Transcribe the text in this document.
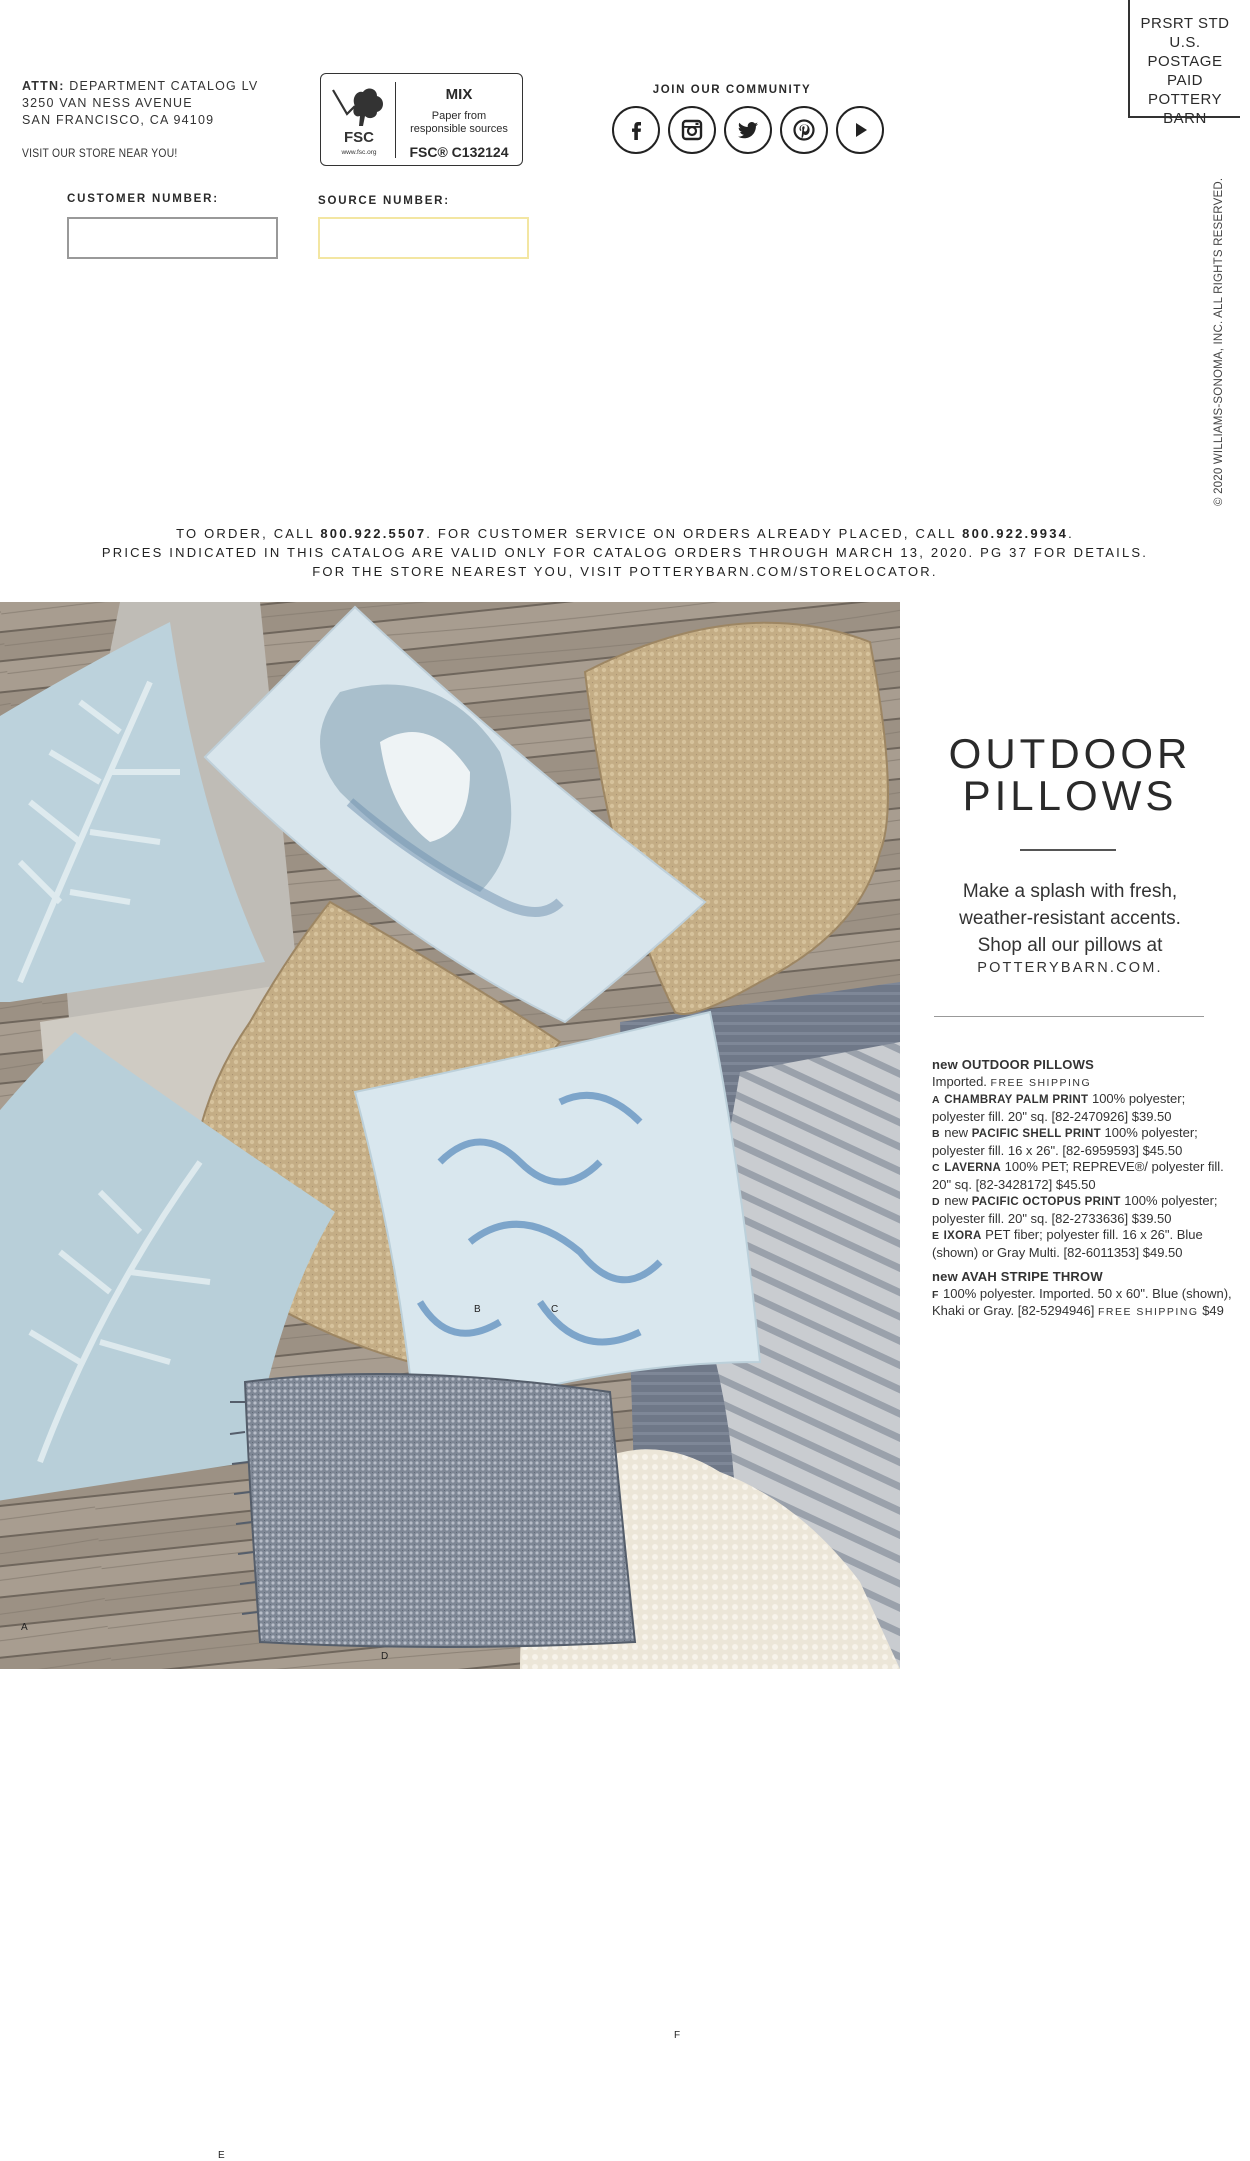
ATTN: DEPARTMENT CATALOG LV
3250 VAN NESS AVENUE
SAN FRANCISCO, CA 94109
VISIT OUR STORE NEAR YOU!
FSC
www.fsc.org
MIX
Paper from
responsible sources
FSC® C132124
JOIN OUR COMMUNITY
PRSRT STD
U.S. POSTAGE
PAID
POTTERY
BARN
CUSTOMER NUMBER:	SOURCE NUMBER:	© 2020 WILLIAMS-SONOMA, INC. ALL RIGHTS RESERVED.
TO ORDER, CALL 800.922.5507. FOR CUSTOMER SERVICE ON ORDERS ALREADY PLACED, CALL 800.922.9934.
PRICES INDICATED IN THIS CATALOG ARE VALID ONLY FOR CATALOG ORDERS THROUGH MARCH 13, 2020. PG 37 FOR DETAILS.
FOR THE STORE NEAREST YOU, VISIT POTTERYBARN.COM/STORELOCATOR.
B	C
A
D
F
E
OUTDOOR
PILLOWS
Make a splash with fresh,
weather-resistant accents.
Shop all our pillows at
POTTERYBARN.COM.
new OUTDOOR PILLOWS
Imported. FREE SHIPPING
A CHAMBRAY PALM PRINT 100% polyester; polyester fill. 20" sq. [82-2470926] $39.50
B new PACIFIC SHELL PRINT 100% polyester; polyester fill. 16 x 26". [82-6959593] $45.50
C LAVERNA 100% PET; REPREVE®/ polyester fill. 20" sq. [82-3428172] $45.50
D new PACIFIC OCTOPUS PRINT 100% polyester; polyester fill. 20" sq. [82-2733636] $39.50
E IXORA PET fiber; polyester fill. 16 x 26". Blue (shown) or Gray Multi. [82-6011353] $49.50
new AVAH STRIPE THROW
F 100% polyester. Imported. 50 x 60". Blue (shown), Khaki or Gray. [82-5294946] FREE SHIPPING $49
